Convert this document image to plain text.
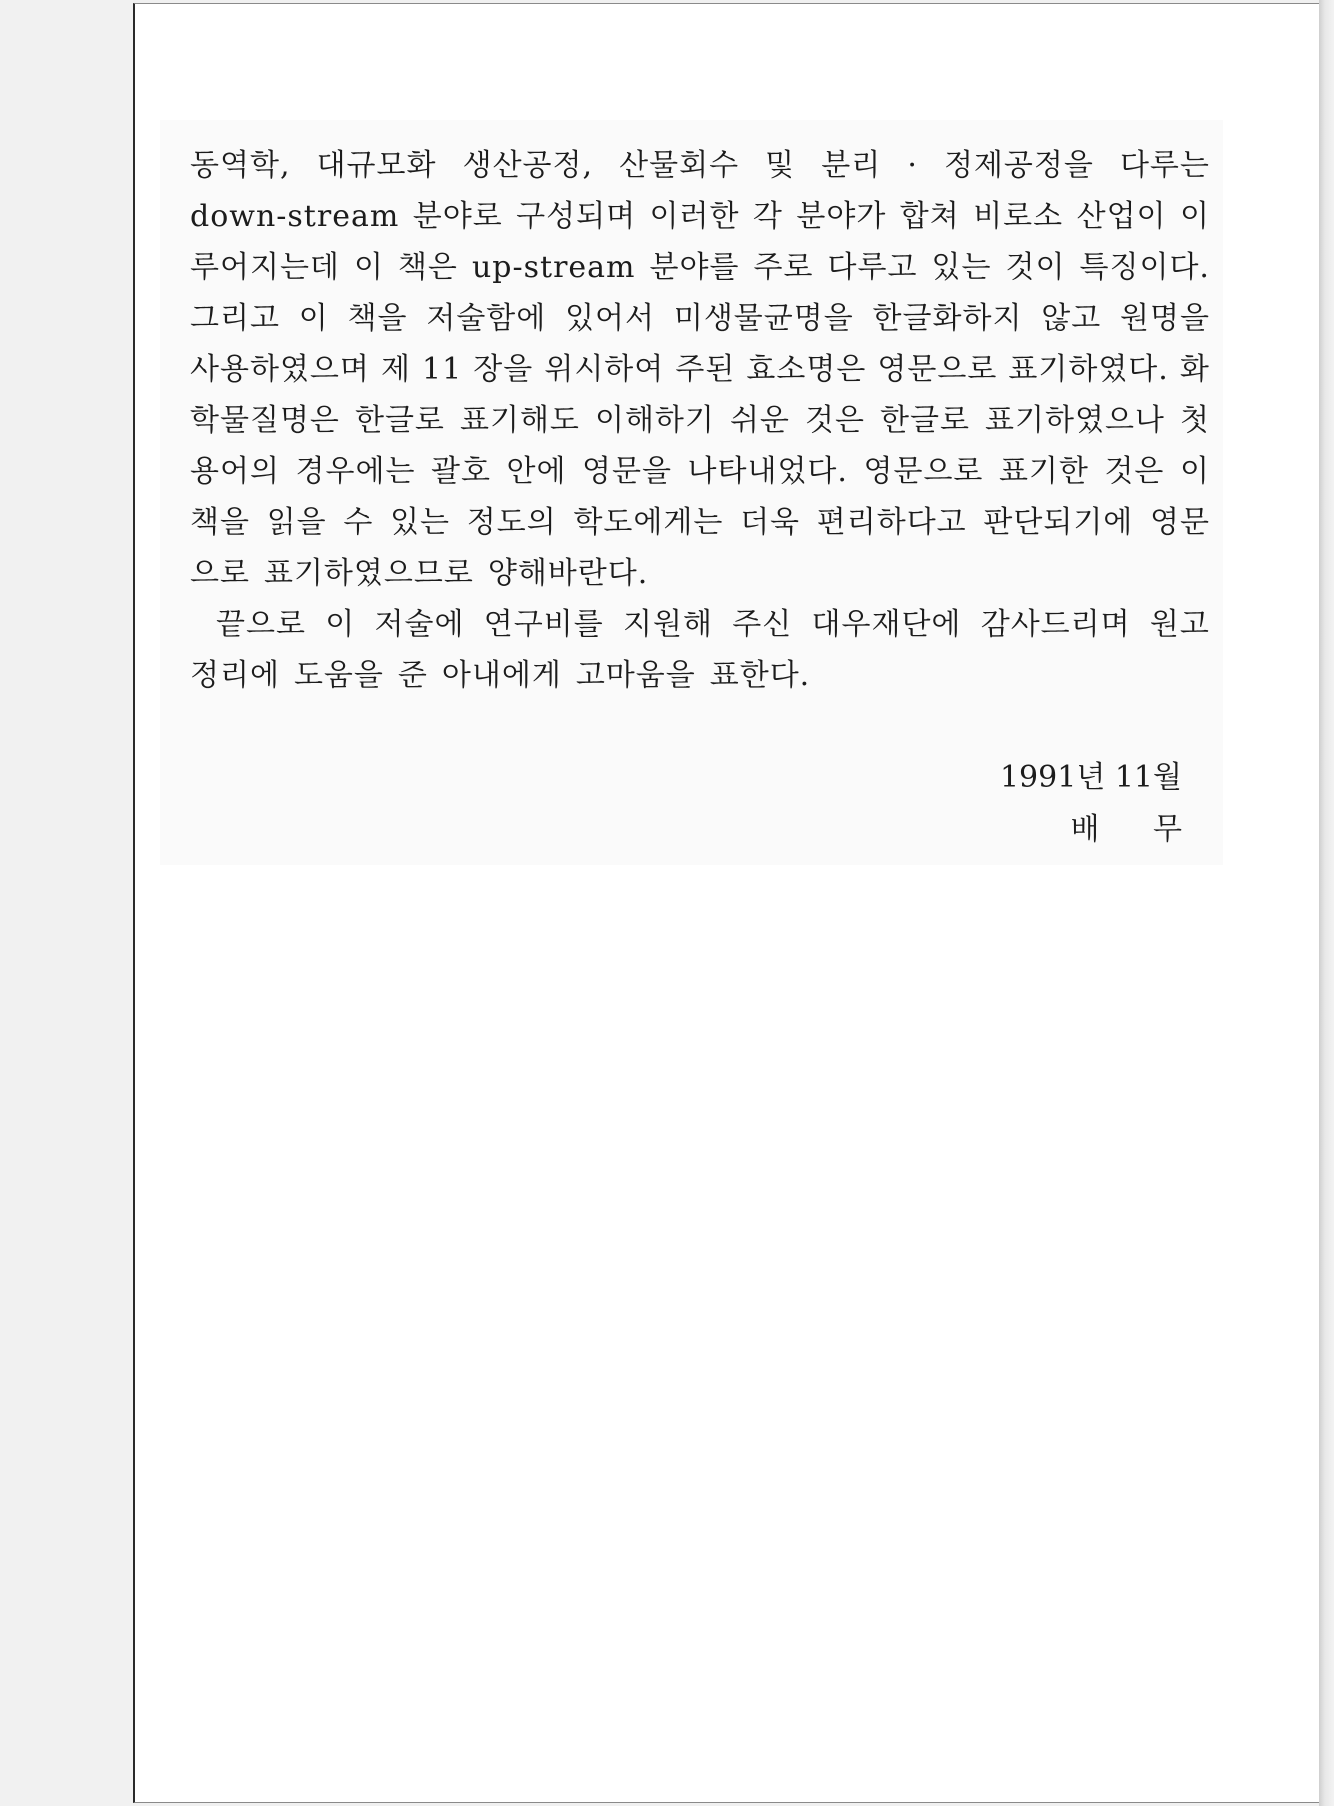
동역학, 대규모화 생산공정, 산물회수 및 분리 · 정제공정을 다루는
down-stream 분야로 구성되며 이러한 각 분야가 합쳐 비로소 산업이 이
루어지는데 이 책은 up-stream 분야를 주로 다루고 있는 것이 특징이다.
그리고 이 책을 저술함에 있어서 미생물균명을 한글화하지 않고 원명을
사용하였으며 제 11 장을 위시하여 주된 효소명은 영문으로 표기하였다. 화
학물질명은 한글로 표기해도 이해하기 쉬운 것은 한글로 표기하였으나 첫
용어의 경우에는 괄호 안에 영문을 나타내었다. 영문으로 표기한 것은 이
책을 읽을 수 있는 정도의 학도에게는 더욱 편리하다고 판단되기에 영문
으로 표기하였으므로 양해바란다.
끝으로 이 저술에 연구비를 지원해 주신 대우재단에 감사드리며 원고
정리에 도움을 준 아내에게 고마움을 표한다.
1991년 11월
배 무
